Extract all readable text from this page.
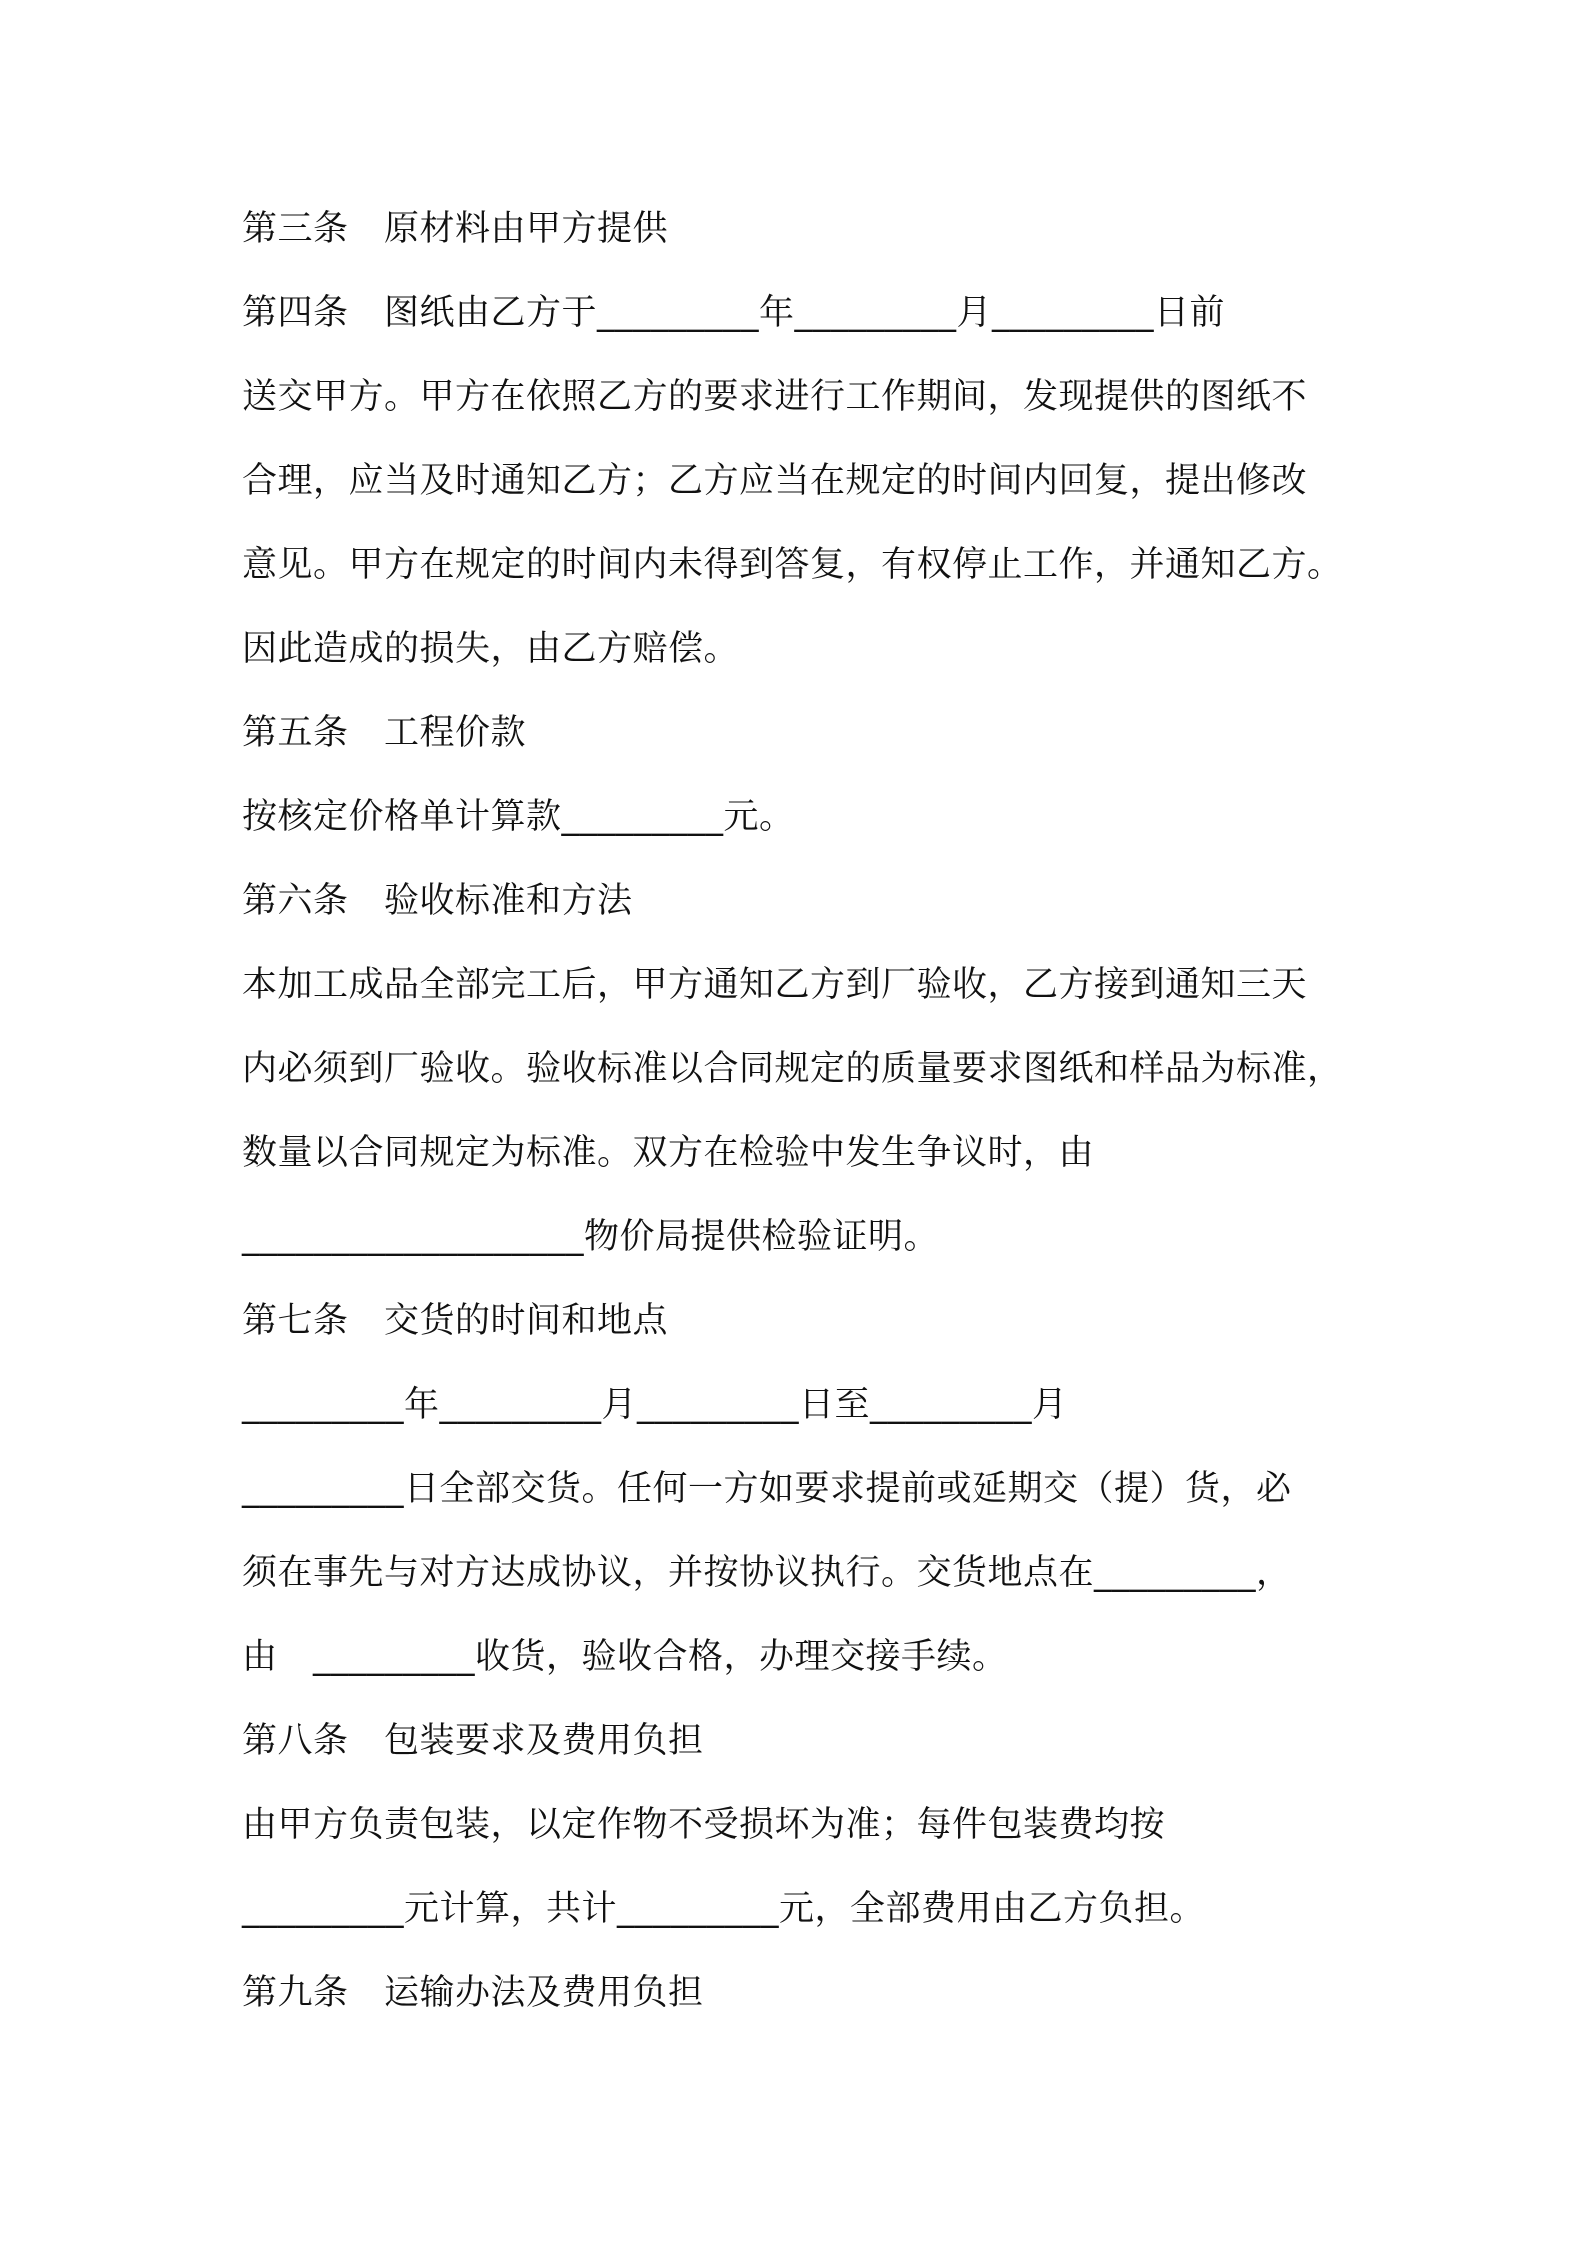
第三条　原材料由甲方提供
第四条　图纸由乙方于_________年_________月_________日前
送交甲方。甲方在依照乙方的要求进行工作期间，发现提供的图纸不
合理，应当及时通知乙方；乙方应当在规定的时间内回复，提出修改
意见。甲方在规定的时间内未得到答复，有权停止工作，并通知乙方。
因此造成的损失，由乙方赔偿。
第五条　工程价款
按核定价格单计算款_________元。
第六条　验收标准和方法
本加工成品全部完工后，甲方通知乙方到厂验收，乙方接到通知三天
内必须到厂验收。验收标准以合同规定的质量要求图纸和样品为标准，
数量以合同规定为标准。双方在检验中发生争议时，由
___________________物价局提供检验证明。
第七条　交货的时间和地点
_________年_________月_________日至_________月
_________日全部交货。任何一方如要求提前或延期交（提）货，必
须在事先与对方达成协议，并按协议执行。交货地点在_________，
由　_________收货，验收合格，办理交接手续。
第八条　包装要求及费用负担
由甲方负责包装，以定作物不受损坏为准；每件包装费均按
_________元计算，共计_________元，全部费用由乙方负担。
第九条　运输办法及费用负担
